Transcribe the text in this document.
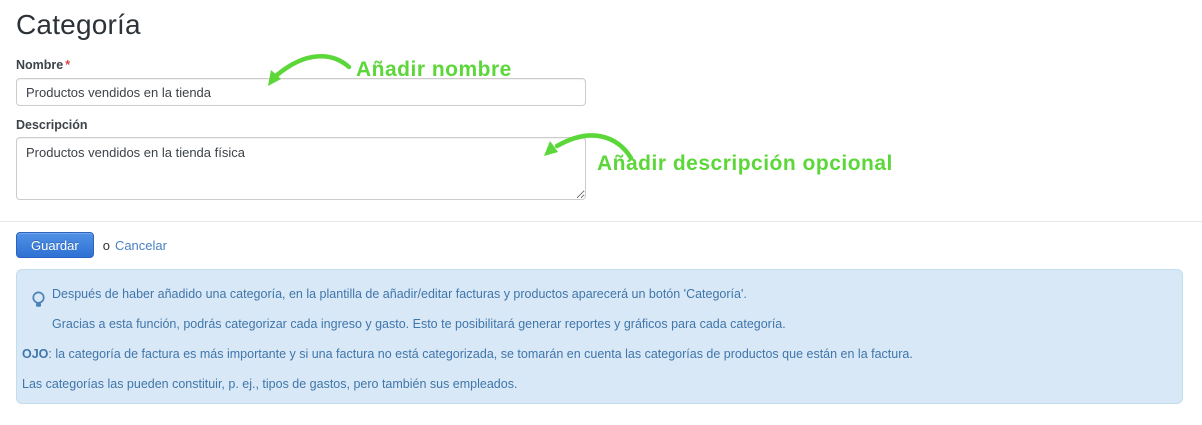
Categoría
Nombre *
Productos vendidos en la tienda
Descripción
Productos vendidos en la tienda física
Guardar	o Cancelar

Después de haber añadido una categoría, en la plantilla de añadir/editar facturas y productos aparecerá un botón 'Categoría'.

Gracias a esta función, podrás categorizar cada ingreso y gasto. Esto te posibilitará generar reportes y gráficos para cada categoría.

OJO: la categoría de factura es más importante y si una factura no está categorizada, se tomarán en cuenta las categorías de productos que están en la factura.

Las categorías las pueden constituir, p. ej., tipos de gastos, pero también sus empleados.

Añadir nombre
Añadir descripción opcional
